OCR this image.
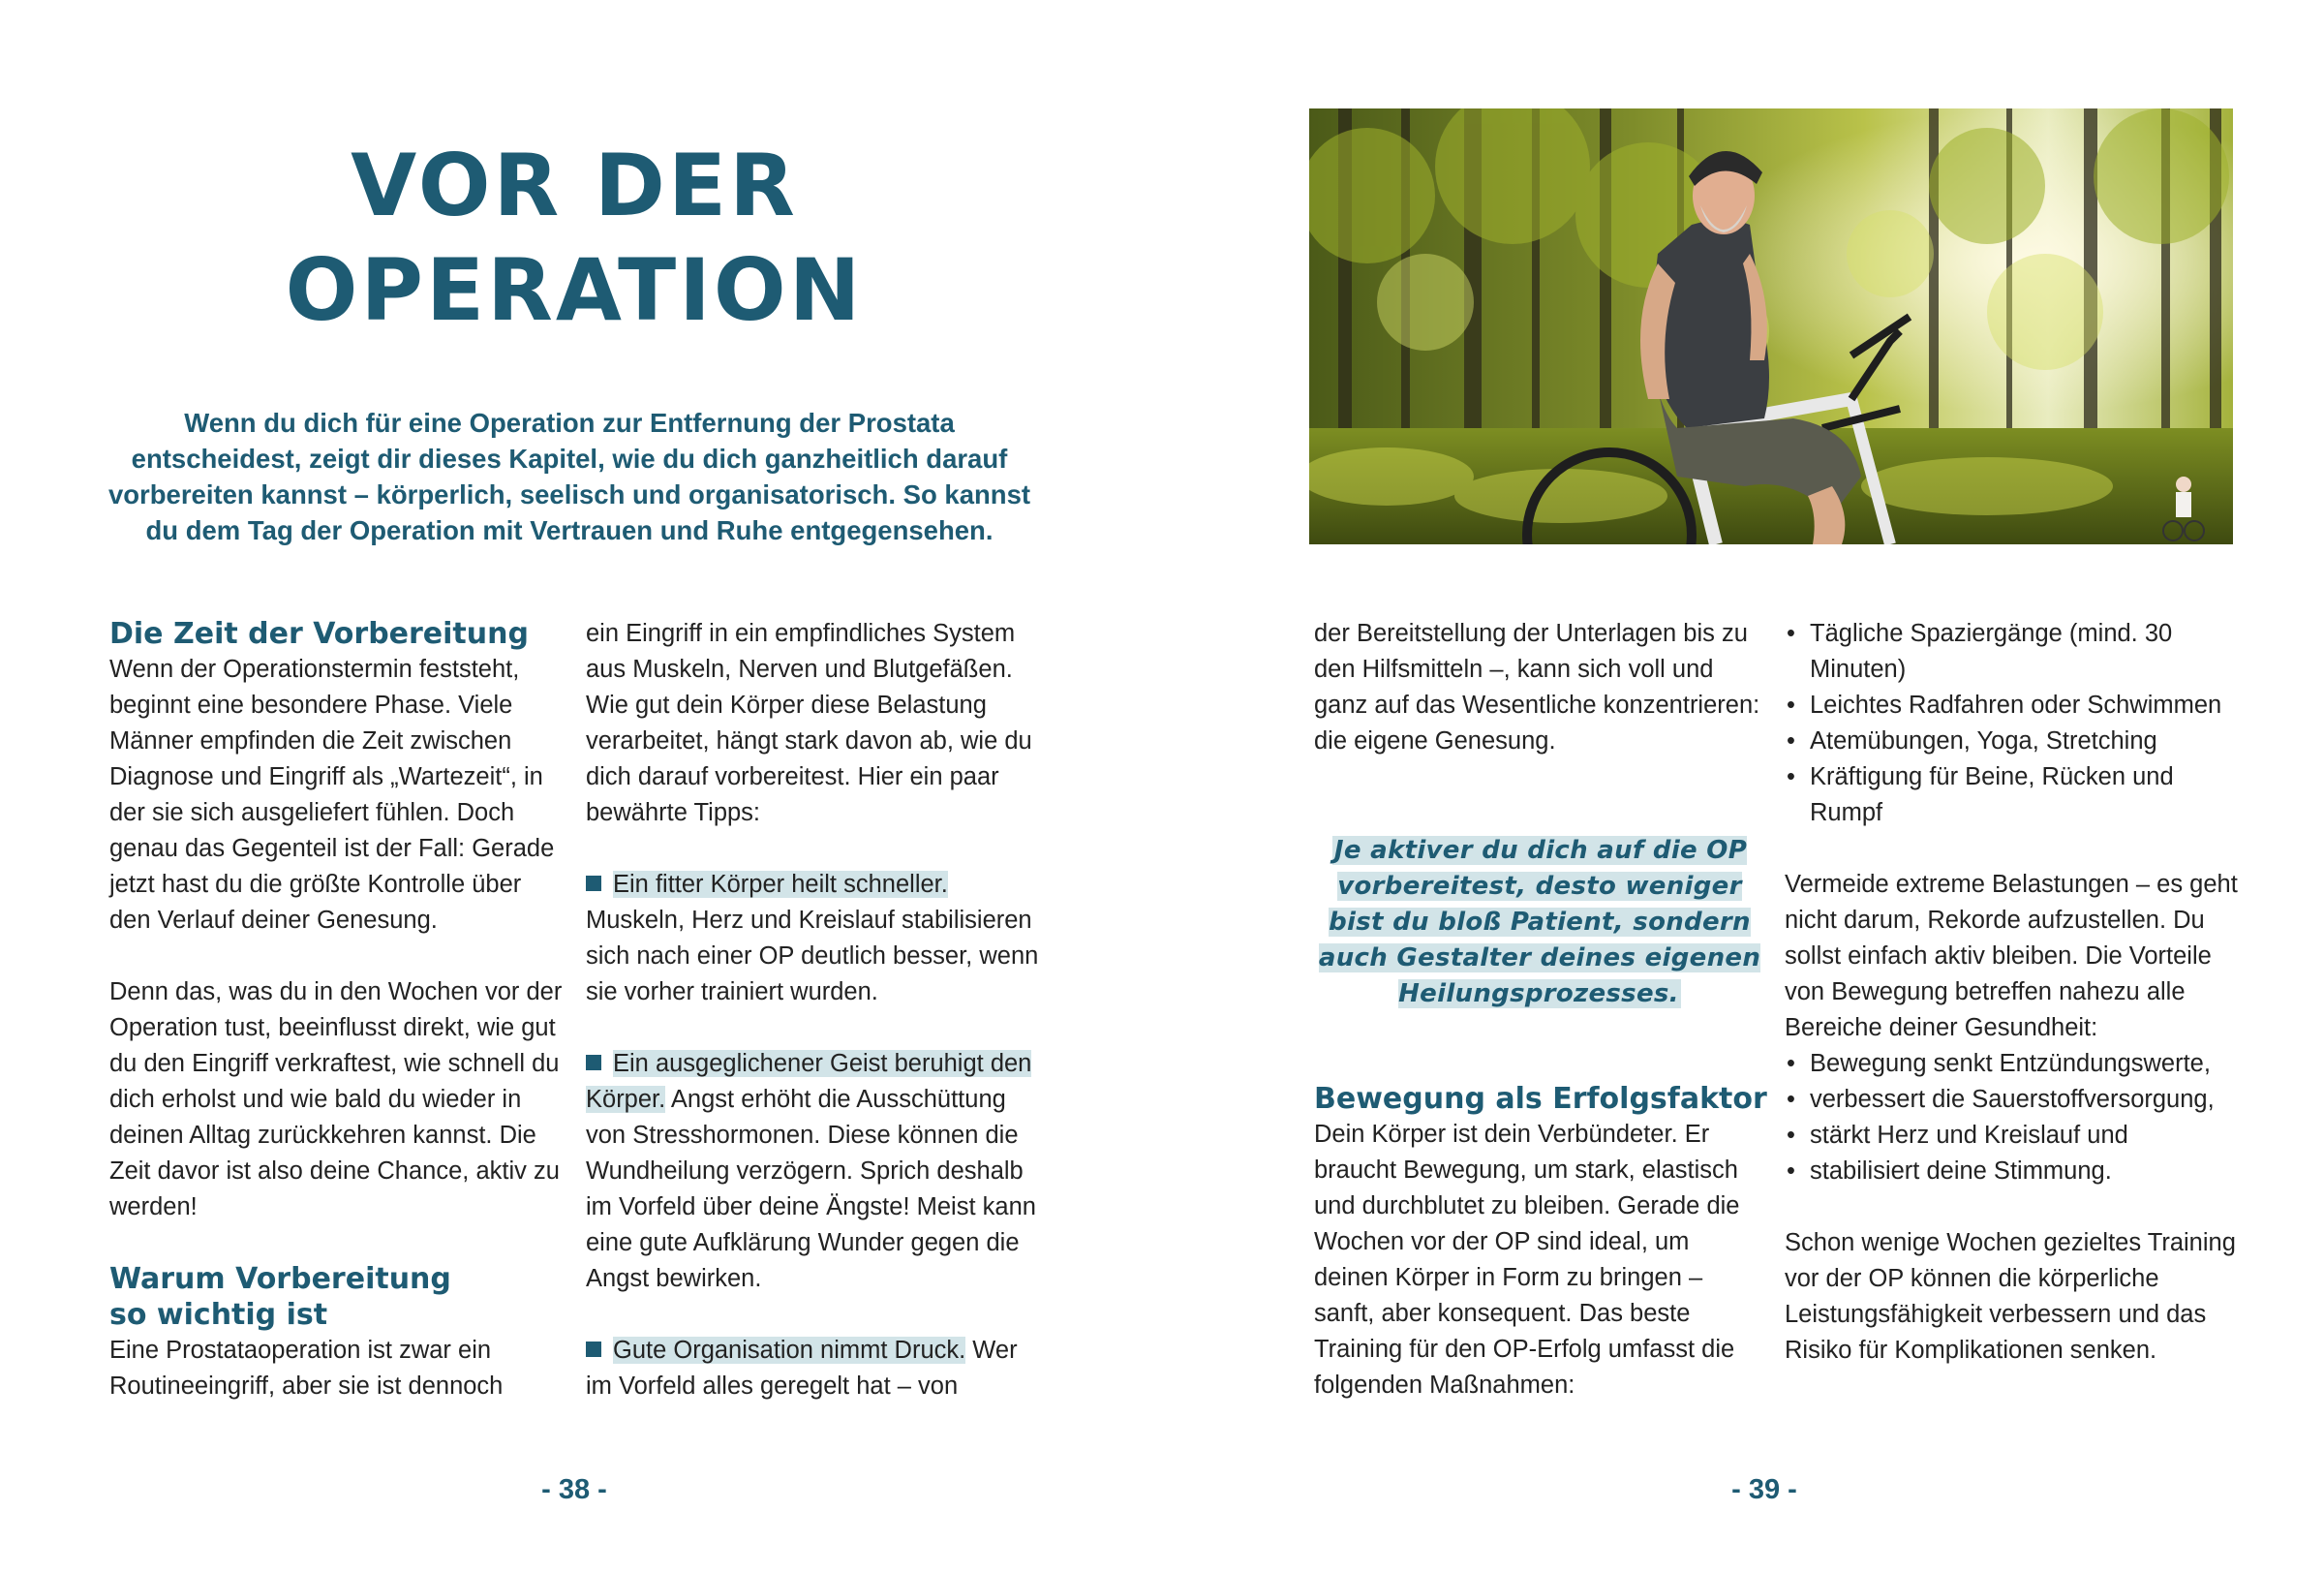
VOR DER
OPERATION

Wenn du dich für eine Operation zur Entfernung der Prostata entscheidest, zeigt dir dieses Kapitel, wie du dich ganzheitlich darauf vorbereiten kannst – körperlich, seelisch und organisatorisch. So kannst du dem Tag der Operation mit Vertrauen und Ruhe entgegensehen.

Die Zeit der Vorbereitung

Wenn der Operationstermin feststeht, beginnt eine besondere Phase. Viele Männer empfinden die Zeit zwischen Diagnose und Eingriff als „Wartezeit“, in der sie sich ausgeliefert fühlen. Doch genau das Gegenteil ist der Fall: Gerade jetzt hast du die größte Kontrolle über den Verlauf deiner Genesung.

Denn das, was du in den Wochen vor der Operation tust, beeinflusst direkt, wie gut du den Eingriff verkraftest, wie schnell du dich erholst und wie bald du wieder in deinen Alltag zurückkehren kannst. Die Zeit davor ist also deine Chance, aktiv zu werden!

Warum Vorbereitung so wichtig ist

Eine Prostataoperation ist zwar ein Routineeingriff, aber sie ist dennoch

ein Eingriff in ein empfindliches System aus Muskeln, Nerven und Blutgefäßen. Wie gut dein Körper diese Belastung verarbeitet, hängt stark davon ab, wie du dich darauf vorbereitest. Hier ein paar bewährte Tipps:

Ein fitter Körper heilt schneller. Muskeln, Herz und Kreislauf stabilisieren sich nach einer OP deutlich besser, wenn sie vorher trainiert wurden.

Ein ausgeglichener Geist beruhigt den Körper. Angst erhöht die Ausschüttung von Stresshormonen. Diese können die Wundheilung verzögern. Sprich deshalb im Vorfeld über deine Ängste! Meist kann eine gute Aufklärung Wunder gegen die Angst bewirken.

Gute Organisation nimmt Druck. Wer im Vorfeld alles geregelt hat – von

- 38 -

der Bereitstellung der Unterlagen bis zu den Hilfsmitteln –, kann sich voll und ganz auf das Wesentliche konzentrieren: die eigene Genesung.

Je aktiver du dich auf die OP vorbereitest, desto weniger bist du bloß Patient, sondern auch Gestalter deines eigenen Heilungsprozesses.

Bewegung als Erfolgsfaktor

Dein Körper ist dein Verbündeter. Er braucht Bewegung, um stark, elastisch und durchblutet zu bleiben. Gerade die Wochen vor der OP sind ideal, um deinen Körper in Form zu bringen – sanft, aber konsequent. Das beste Training für den OP-Erfolg umfasst die folgenden Maßnahmen:

• Tägliche Spaziergänge (mind. 30 Minuten)
• Leichtes Radfahren oder Schwimmen
• Atemübungen, Yoga, Stretching
• Kräftigung für Beine, Rücken und Rumpf

Vermeide extreme Belastungen – es geht nicht darum, Rekorde aufzustellen. Du sollst einfach aktiv bleiben. Die Vorteile von Bewegung betreffen nahezu alle Bereiche deiner Gesundheit:

• Bewegung senkt Entzündungswerte,
• verbessert die Sauerstoffversorgung,
• stärkt Herz und Kreislauf und
• stabilisiert deine Stimmung.

Schon wenige Wochen gezieltes Training vor der OP können die körperliche Leistungsfähigkeit verbessern und das Risiko für Komplikationen senken.

- 39 -
